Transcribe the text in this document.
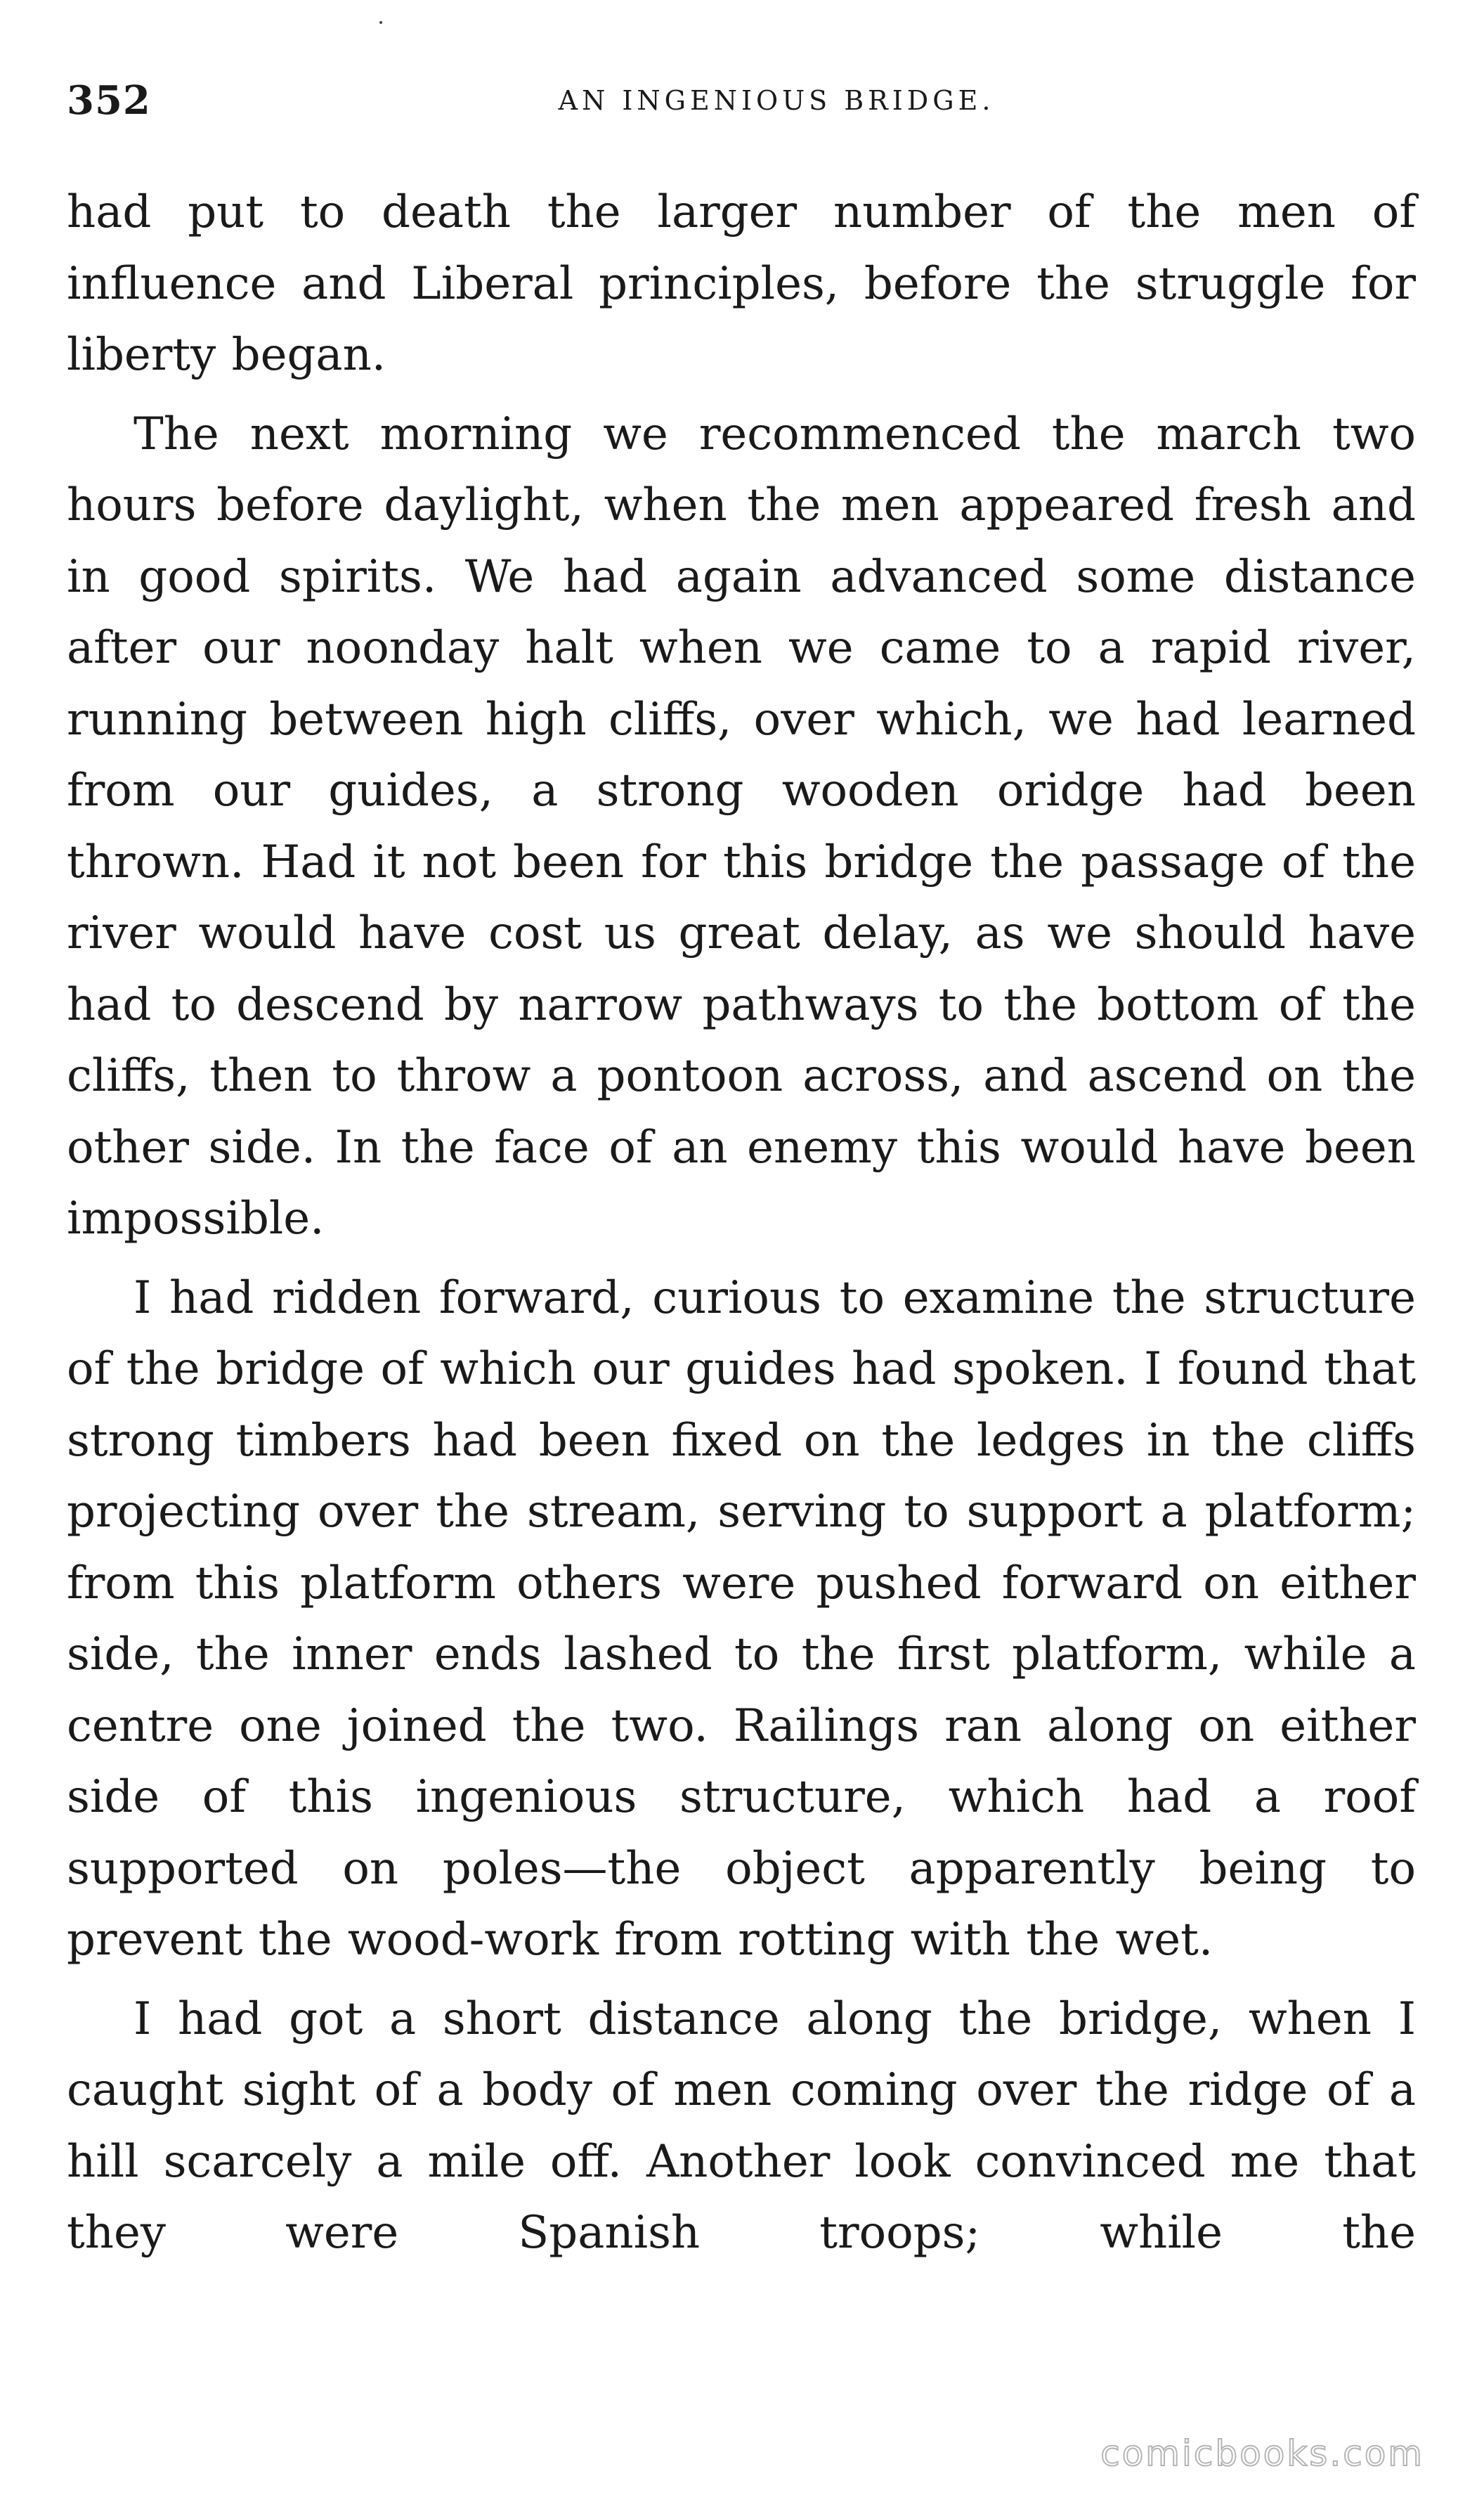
352	AN INGENIOUS BRIDGE.

had put to death the larger number of the men of influence and Liberal principles, before the struggle for liberty began.

The next morning we recommenced the march two hours before daylight, when the men appeared fresh and in good spirits. We had again advanced some distance after our noonday halt when we came to a rapid river, running between high cliffs, over which, we had learned from our guides, a strong wooden oridge had been thrown. Had it not been for this bridge the passage of the river would have cost us great delay, as we should have had to descend by narrow pathways to the bottom of the cliffs, then to throw a pontoon across, and ascend on the other side. In the face of an enemy this would have been impossible.

I had ridden forward, curious to examine the structure of the bridge of which our guides had spoken. I found that strong timbers had been fixed on the ledges in the cliffs projecting over the stream, serving to support a platform; from this platform others were pushed forward on either side, the inner ends lashed to the first platform, while a centre one joined the two. Railings ran along on either side of this ingenious structure, which had a roof supported on poles—the object apparently being to prevent the wood-work from rotting with the wet.

I had got a short distance along the bridge, when I caught sight of a body of men coming over the ridge of a hill scarcely a mile off. Another look convinced me that they were Spanish troops; while the

comicbooks.com
